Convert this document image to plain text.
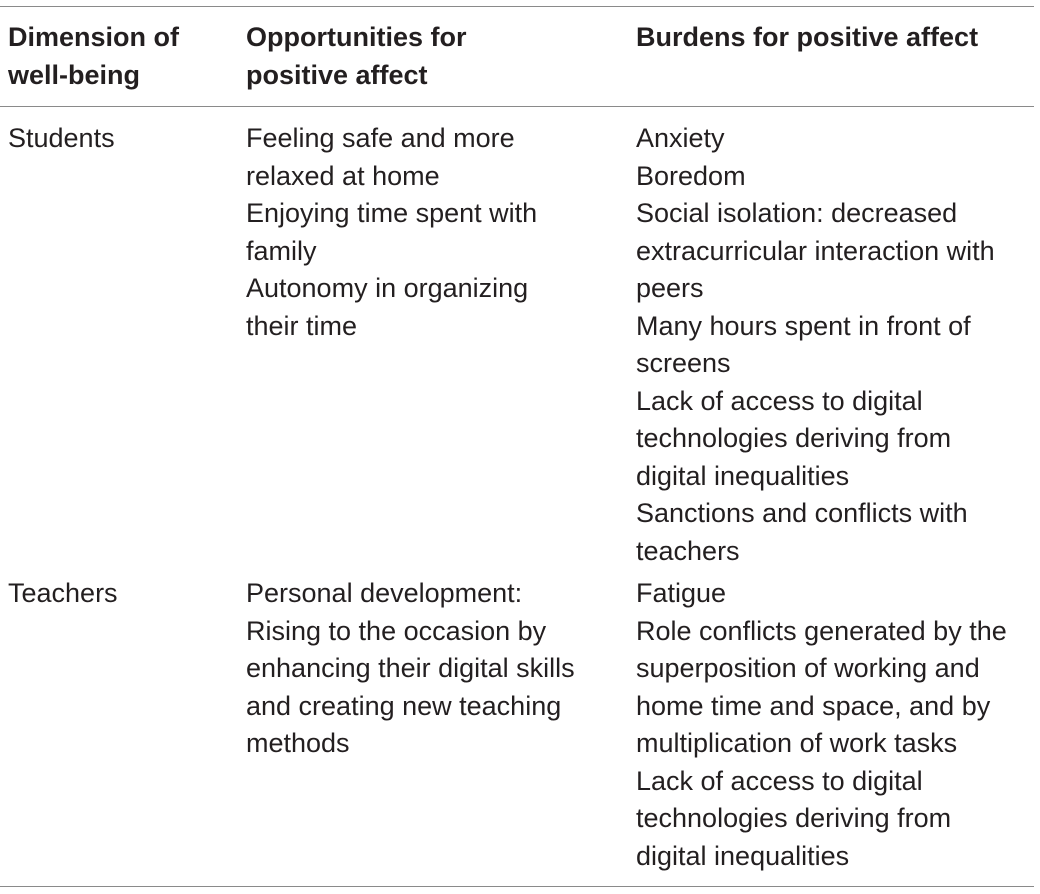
Dimension of
well-being
Opportunities for
positive affect
Burdens for positive affect
Students	Feeling safe and more
relaxed at home
Enjoying time spent with
family
Autonomy in organizing
their time
Anxiety
Boredom
Social isolation: decreased
extracurricular interaction with
peers
Many hours spent in front of
screens
Lack of access to digital
technologies deriving from
digital inequalities
Sanctions and conflicts with
teachers
Teachers	Personal development:
Rising to the occasion by
enhancing their digital skills
and creating new teaching
methods
Fatigue
Role conflicts generated by the
superposition of working and
home time and space, and by
multiplication of work tasks
Lack of access to digital
technologies deriving from
digital inequalities
